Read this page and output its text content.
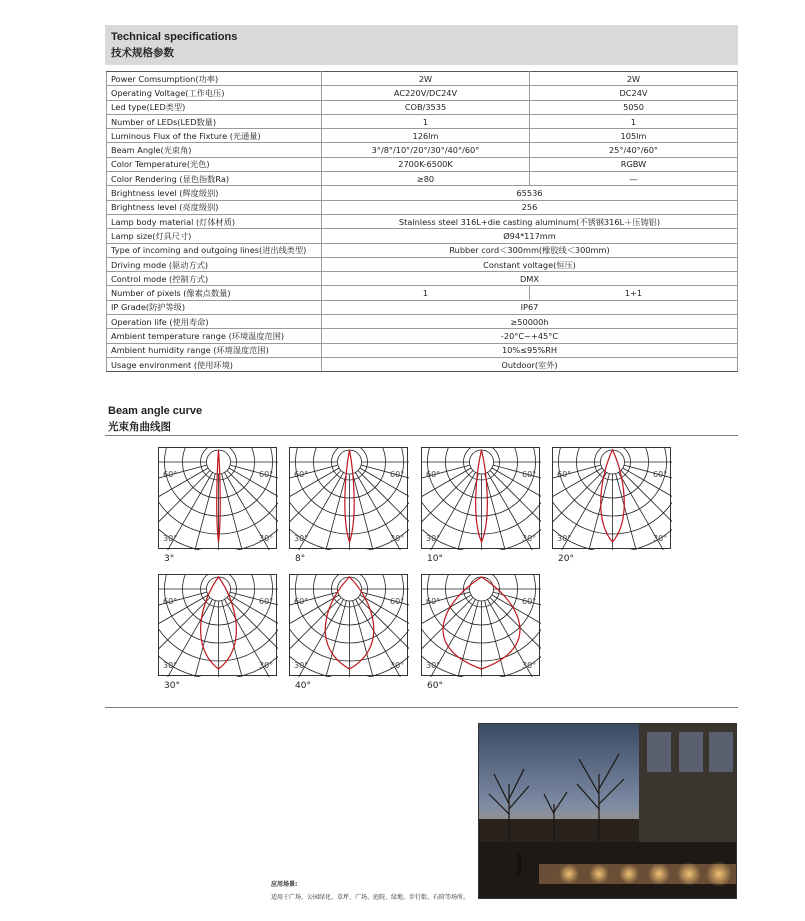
Technical specifications
技术规格参数
Power Comsumption(功率)	2W	2W
Operating Voltage(工作电压)	AC220V/DC24V	DC24V
Led type(LED类型)	COB/3535	5050
Number of LEDs(LED数量)	1	1
Luminous Flux of the Fixture (光通量)	126lm	105lm
Beam Angle(光束角)	3°/8°/10°/20°/30°/40°/60°	25°/40°/60°
Color Temperature(光色)	2700K-6500K	RGBW
Color Rendering (显色指数Ra)	≥80	—
Brightness level (辉度级别)	65536	
Brightness level (亮度级别)	256	
Lamp body material (灯体材质)	Stainless steel 316L+die casting aluminum(不锈钢316L＋压铸铝)	
Lamp size(灯具尺寸)	Ø94*117mm	
Type of incoming and outgoing lines(进出线类型)	Rubber cord＜300mm(橡胶线＜300mm)	
Driving mode (驱动方式)	Constant voltage(恒压)	
Control mode (控制方式)	DMX	
Number of pixels (像素点数量)	1	1+1
IP Grade(防护等级)	IP67	
Operation life (使用寿命)	≥50000h	
Ambient temperature range (环境温度范围)	-20°C~+45°C	
Ambient humidity range (环境湿度范围)	10%≤95%RH	
Usage environment (使用环境)	Outdoor(室外)	
Beam angle curve
光束角曲线图
60°	60°
30°	30°
3°
60°	60°
30°	30°
8°
60°	60°
30°	30°
10°
60°	60°
30°	30°
20°
60°	60°
30°	30°
30°
60°	60°
30°	30°
40°
60°	60°
30°	30°
60°
应用场景:
适用于广场、公园绿化、草坪、广场、庭院、绿地、步行街、石阶等场所。
